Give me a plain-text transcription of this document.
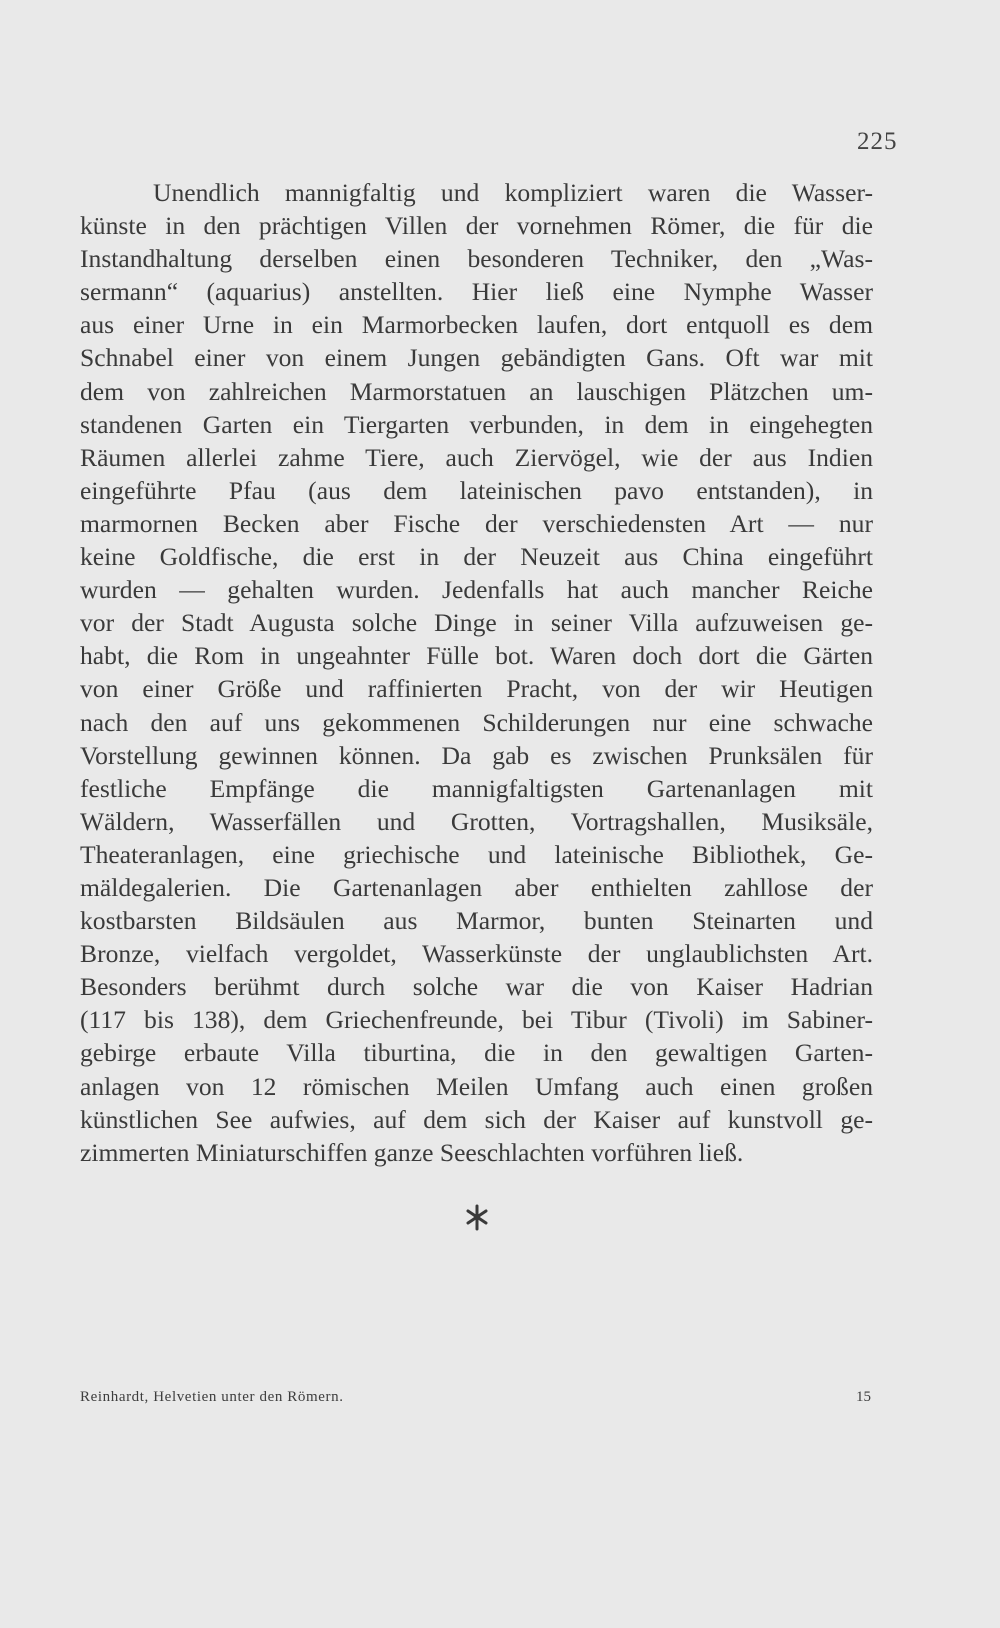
225
Unendlich mannigfaltig und kompliziert waren die Wasser-
künste in den prächtigen Villen der vornehmen Römer, die für die
Instandhaltung derselben einen besonderen Techniker, den „Was-
sermann“ (aquarius) anstellten. Hier ließ eine Nymphe Wasser
aus einer Urne in ein Marmorbecken laufen, dort entquoll es dem
Schnabel einer von einem Jungen gebändigten Gans. Oft war mit
dem von zahlreichen Marmorstatuen an lauschigen Plätzchen um-
standenen Garten ein Tiergarten verbunden, in dem in eingehegten
Räumen allerlei zahme Tiere, auch Ziervögel, wie der aus Indien
eingeführte Pfau (aus dem lateinischen pavo entstanden), in
marmornen Becken aber Fische der verschiedensten Art — nur
keine Goldfische, die erst in der Neuzeit aus China eingeführt
wurden — gehalten wurden. Jedenfalls hat auch mancher Reiche
vor der Stadt Augusta solche Dinge in seiner Villa aufzuweisen ge-
habt, die Rom in ungeahnter Fülle bot. Waren doch dort die Gärten
von einer Größe und raffinierten Pracht, von der wir Heutigen
nach den auf uns gekommenen Schilderungen nur eine schwache
Vorstellung gewinnen können. Da gab es zwischen Prunksälen für
festliche Empfänge die mannigfaltigsten Gartenanlagen mit
Wäldern, Wasserfällen und Grotten, Vortragshallen, Musiksäle,
Theateranlagen, eine griechische und lateinische Bibliothek, Ge-
mäldegalerien. Die Gartenanlagen aber enthielten zahllose der
kostbarsten Bildsäulen aus Marmor, bunten Steinarten und
Bronze, vielfach vergoldet, Wasserkünste der unglaublichsten Art.
Besonders berühmt durch solche war die von Kaiser Hadrian
(117 bis 138), dem Griechenfreunde, bei Tibur (Tivoli) im Sabiner-
gebirge erbaute Villa tiburtina, die in den gewaltigen Garten-
anlagen von 12 römischen Meilen Umfang auch einen großen
künstlichen See aufwies, auf dem sich der Kaiser auf kunstvoll ge-
zimmerten Miniaturschiffen ganze Seeschlachten vorführen ließ.
Reinhardt, Helvetien unter den Römern.	15
